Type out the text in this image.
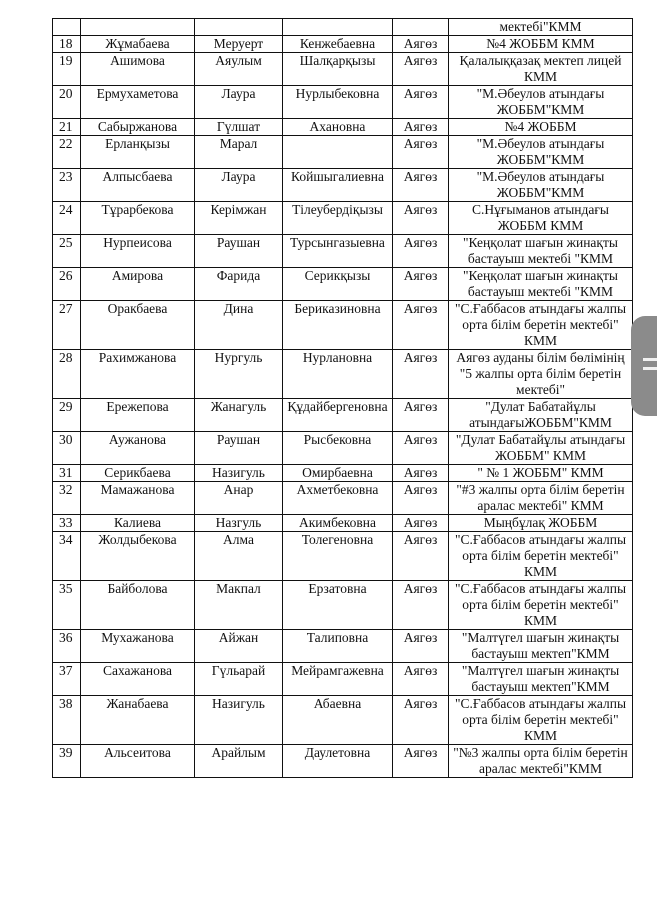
					мектебі"КММ
18	Жұмабаева	Меруерт	Кенжебаевна	Аягөз	№4 ЖОББМ КММ
19	Ашимова	Аяулым	Шалқарқызы	Аягөз	Қалалыққазақ мектеп лицей КММ
20	Ермухаметова	Лаура	Нурлыбековна	Аягөз	"М.Әбеулов атындағы ЖОББМ"КММ
21	Сабыржанова	Гүлшат	Ахановна	Аягөз	№4 ЖОББМ
22	Ерланқызы	Марал		Аягөз	"М.Әбеулов атындағы ЖОББМ"КММ
23	Алпысбаева	Лаура	Койшыгалиевна	Аягөз	"М.Әбеулов атындағы ЖОББМ"КММ
24	Тұрарбекова	Керімжан	Тілеубердіқызы	Аягөз	С.Нұғыманов атындағы ЖОББМ КММ
25	Нурпеисова	Раушан	Турсынгазыевна	Аягөз	"Кеңқолат шағын жинақты бастауыш мектебі "КММ
26	Амирова	Фарида	Серикқызы	Аягөз	"Кеңқолат шағын жинақты бастауыш мектебі "КММ
27	Оракбаева	Дина	Бериказиновна	Аягөз	"С.Ғаббасов атындағы жалпы орта білім беретін мектебі" КММ
28	Рахимжанова	Нургуль	Нурлановна	Аягөз	Аягөз ауданы білім бөлімінің "5 жалпы орта білім беретін мектебі"
29	Ережепова	Жанагуль	Құдайбергеновна	Аягөз	"Дулат Бабатайұлы атындағыЖОББМ"КММ
30	Аужанова	Раушан	Рысбековна	Аягөз	"Дулат Бабатайұлы атындағы ЖОББМ" КММ
31	Серикбаева	Назигуль	Омирбаевна	Аягөз	" № 1 ЖОББМ" КММ
32	Мамажанова	Анар	Ахметбековна	Аягөз	"#3 жалпы орта білім беретін аралас мектебі" КММ
33	Калиева	Назгуль	Акимбековна	Аягөз	Мыңбұлақ ЖОББМ
34	Жолдыбекова	Алма	Толегеновна	Аягөз	"С.Ғаббасов атындағы жалпы орта білім беретін мектебі" КММ
35	Байболова	Макпал	Ерзатовна	Аягөз	"С.Ғаббасов атындағы жалпы орта білім беретін мектебі" КММ
36	Мухажанова	Айжан	Талиповна	Аягөз	"Малтүгел шағын жинақты бастауыш мектеп"КММ
37	Сахажанова	Гүльарай	Мейрамгажевна	Аягөз	"Малтүгел шағын жинақты бастауыш мектеп"КММ
38	Жанабаева	Назигуль	Абаевна	Аягөз	"С.Ғаббасов атындағы жалпы орта білім беретін мектебі" КММ
39	Альсеитова	Арайлым	Даулетовна	Аягөз	"№3 жалпы орта білім беретін аралас мектебі"КММ
